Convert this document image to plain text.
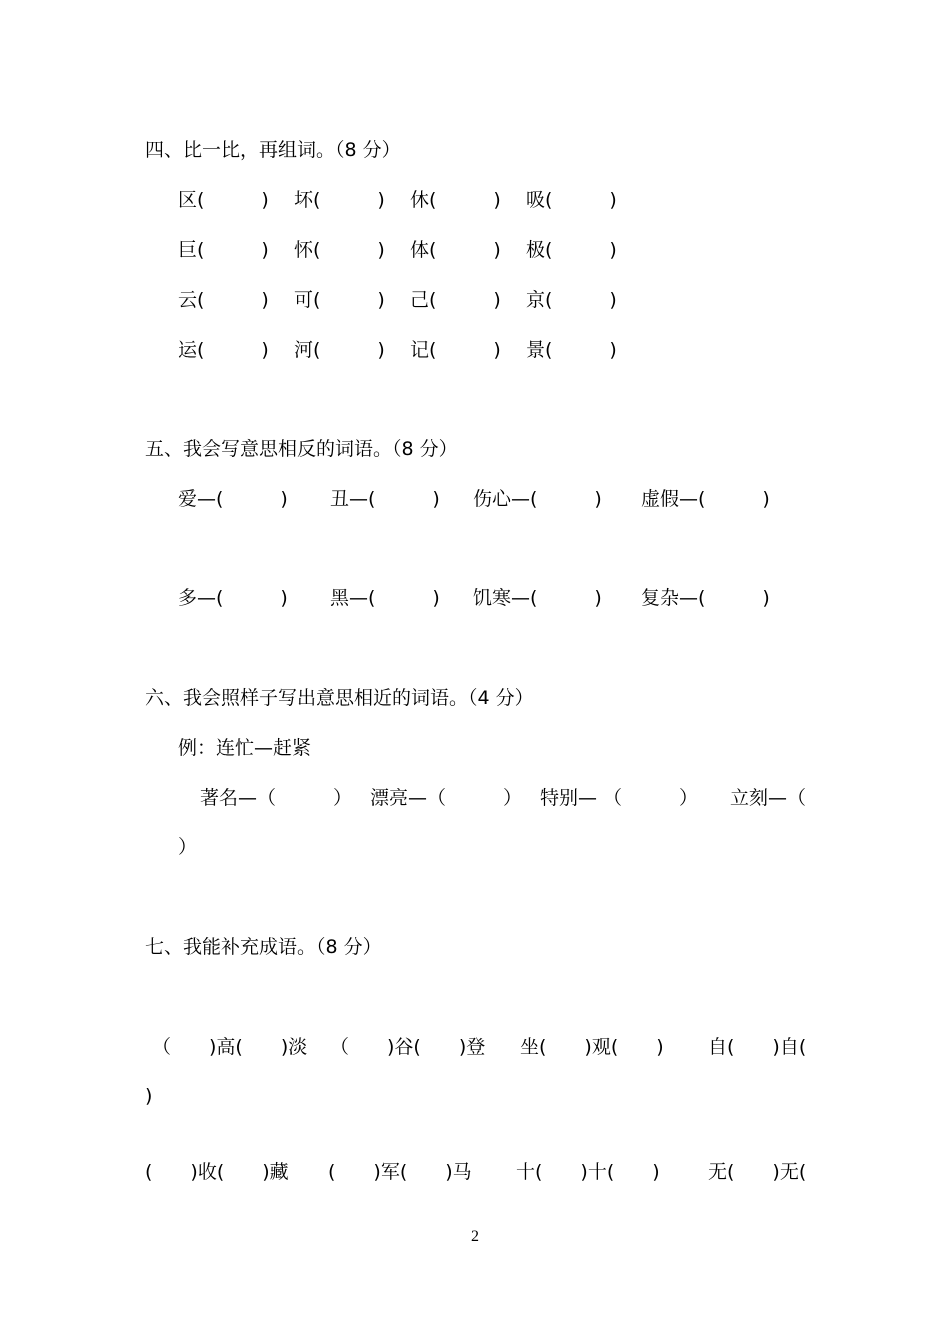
四、比一比，再组词。（8 分）
区(　　　) 坏(　　　) 休(　　　) 吸(　　　)
巨(　　　) 怀(　　　) 体(　　　) 极(　　　)
云(　　　) 可(　　　) 己(　　　) 京(　　　)
运(　　　) 河(　　　) 记(　　　) 景(　　　)
五、我会写意思相反的词语。（8 分）
爱—(　　　) 丑—(　　　) 伤心—(　　　) 虚假—(　　　)
多—(　　　) 黑—(　　　) 饥寒—(　　　) 复杂—(　　　)
六、我会照样子写出意思相近的词语。（4 分）
例：连忙—赶紧
著名—（　　　） 漂亮—（　　　） 特别— （　　　） 立刻—（
）
七、我能补充成语。（8 分）
（　　)高(　　)淡 （　　)谷(　　)登 坐(　　)观(　　) 自(　　)自(
)
(　　)收(　　)藏 (　　)军(　　)马 十(　　)十(　　)	无(　　)无(
2
